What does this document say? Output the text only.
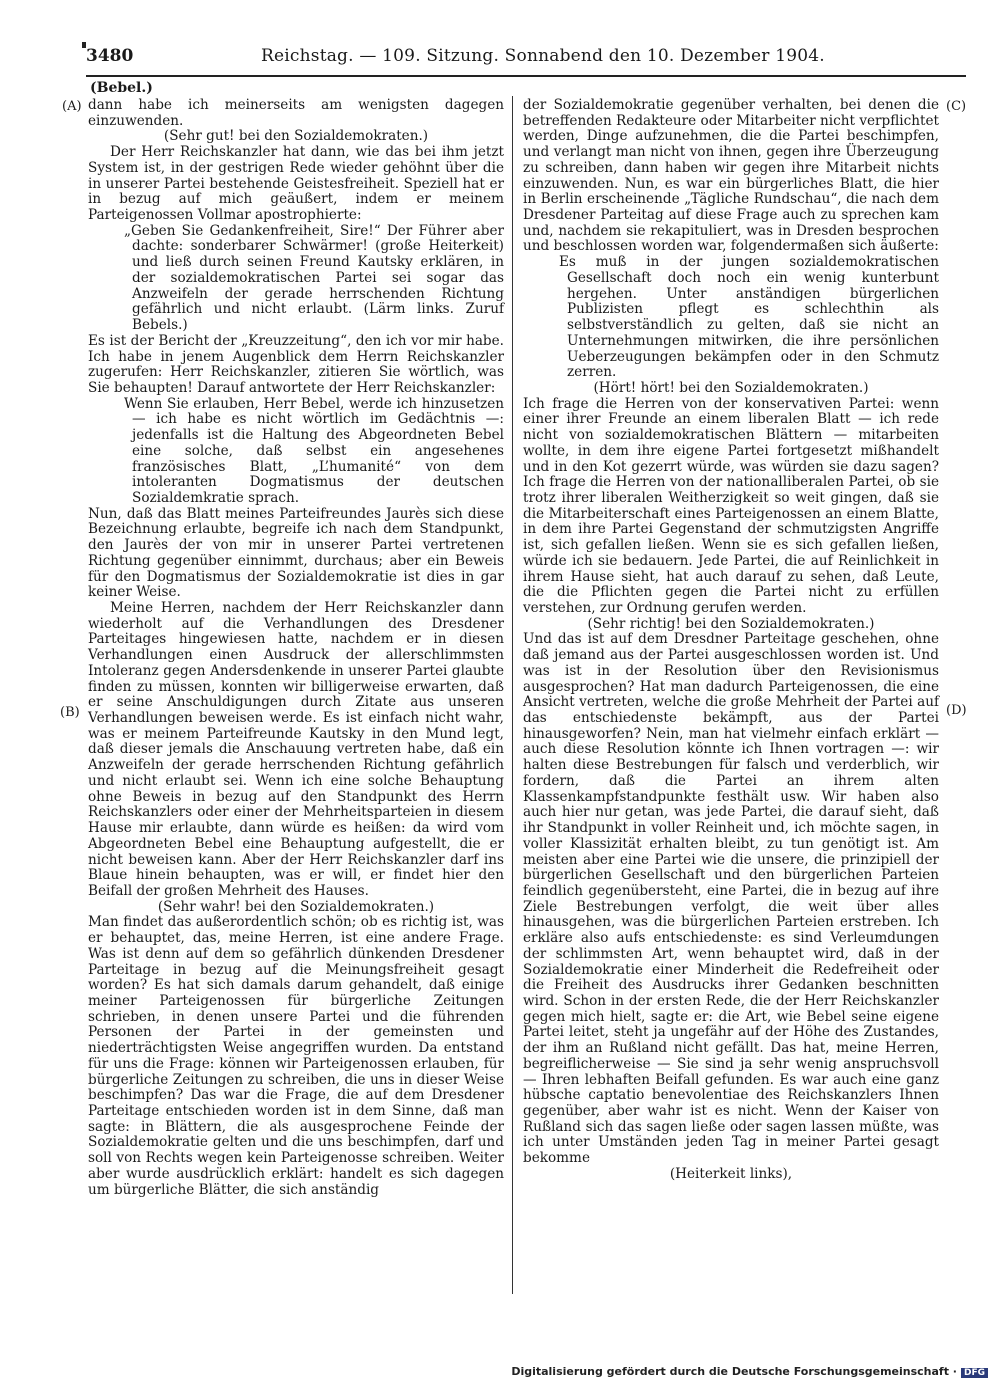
3480	Reichstag. — 109. Sitzung. Sonnabend den 10. Dezember 1904.
(Bebel.)
(A)
(B)
(C)
(D)

dann habe ich meinerseits am wenigsten dagegen einzuwenden.

(Sehr gut! bei den Sozialdemokraten.)

Der Herr Reichskanzler hat dann, wie das bei ihm jetzt System ist, in der gestrigen Rede wieder gehöhnt über die in unserer Partei bestehende Geistesfreiheit. Speziell hat er in bezug auf mich geäußert, indem er meinem Parteigenossen Vollmar apostrophierte:

„Geben Sie Gedankenfreiheit, Sire!“ Der Führer aber dachte: sonderbarer Schwärmer! (große Heiterkeit) und ließ durch seinen Freund Kautsky erklären, in der sozialdemokratischen Partei sei sogar das Anzweifeln der gerade herrschenden Richtung gefährlich und nicht erlaubt. (Lärm links. Zuruf Bebels.)

Es ist der Bericht der „Kreuzzeitung“, den ich vor mir habe. Ich habe in jenem Augenblick dem Herrn Reichskanzler zugerufen: Herr Reichskanzler, zitieren Sie wörtlich, was Sie behaupten! Darauf antwortete der Herr Reichskanzler:

Wenn Sie erlauben, Herr Bebel, werde ich hinzusetzen — ich habe es nicht wörtlich im Gedächtnis —: jedenfalls ist die Haltung des Abgeordneten Bebel eine solche, daß selbst ein angesehenes französisches Blatt, „L’humanité“ von dem intoleranten Dogmatismus der deutschen Sozialdemkratie sprach.

Nun, daß das Blatt meines Parteifreundes Jaurès sich diese Bezeichnung erlaubte, begreife ich nach dem Standpunkt, den Jaurès der von mir in unserer Partei vertretenen Richtung gegenüber einnimmt, durchaus; aber ein Beweis für den Dogmatismus der Sozialdemokratie ist dies in gar keiner Weise.

Meine Herren, nachdem der Herr Reichskanzler dann wiederholt auf die Verhandlungen des Dresdener Parteitages hingewiesen hatte, nachdem er in diesen Verhandlungen einen Ausdruck der allerschlimmsten Intoleranz gegen Andersdenkende in unserer Partei glaubte finden zu müssen, konnten wir billigerweise erwarten, daß er seine Anschuldigungen durch Zitate aus unseren Verhandlungen beweisen werde. Es ist einfach nicht wahr, was er meinem Parteifreunde Kautsky in den Mund legt, daß dieser jemals die Anschauung vertreten habe, daß ein Anzweifeln der gerade herrschenden Richtung gefährlich und nicht erlaubt sei. Wenn ich eine solche Behauptung ohne Beweis in bezug auf den Standpunkt des Herrn Reichskanzlers oder einer der Mehrheitsparteien in diesem Hause mir erlaubte, dann würde es heißen: da wird vom Abgeordneten Bebel eine Behauptung aufgestellt, die er nicht beweisen kann. Aber der Herr Reichskanzler darf ins Blaue hinein behaupten, was er will, er findet hier den Beifall der großen Mehrheit des Hauses.

(Sehr wahr! bei den Sozialdemokraten.)

Man findet das außerordentlich schön; ob es richtig ist, was er behauptet, das, meine Herren, ist eine andere Frage. Was ist denn auf dem so gefährlich dünkenden Dresdener Parteitage in bezug auf die Meinungsfreiheit gesagt worden? Es hat sich damals darum gehandelt, daß einige meiner Parteigenossen für bürgerliche Zeitungen schrieben, in denen unsere Partei und die führenden Personen der Partei in der gemeinsten und niederträchtigsten Weise angegriffen wurden. Da entstand für uns die Frage: können wir Parteigenossen erlauben, für bürgerliche Zeitungen zu schreiben, die uns in dieser Weise beschimpfen? Das war die Frage, die auf dem Dresdener Parteitage entschieden worden ist in dem Sinne, daß man sagte: in Blättern, die als ausgesprochene Feinde der Sozialdemokratie gelten und die uns beschimpfen, darf und soll von Rechts wegen kein Parteigenosse schreiben. Weiter aber wurde ausdrücklich erklärt: handelt es sich dagegen um bürgerliche Blätter, die sich anständig

der Sozialdemokratie gegenüber verhalten, bei denen die betreffenden Redakteure oder Mitarbeiter nicht verpflichtet werden, Dinge aufzunehmen, die die Partei beschimpfen, und verlangt man nicht von ihnen, gegen ihre Überzeugung zu schreiben, dann haben wir gegen ihre Mitarbeit nichts einzuwenden. Nun, es war ein bürgerliches Blatt, die hier in Berlin erscheinende „Tägliche Rundschau“, die nach dem Dresdener Parteitag auf diese Frage auch zu sprechen kam und, nachdem sie rekapituliert, was in Dresden besprochen und beschlossen worden war, folgendermaßen sich äußerte:

Es muß in der jungen sozialdemokratischen Gesellschaft doch noch ein wenig kunterbunt hergehen. Unter anständigen bürgerlichen Publizisten pflegt es schlechthin als selbstverständlich zu gelten, daß sie nicht an Unternehmungen mitwirken, die ihre persönlichen Ueberzeugungen bekämpfen oder in den Schmutz zerren.

(Hört! hört! bei den Sozialdemokraten.)

Ich frage die Herren von der konservativen Partei: wenn einer ihrer Freunde an einem liberalen Blatt — ich rede nicht von sozialdemokratischen Blättern — mitarbeiten wollte, in dem ihre eigene Partei fortgesetzt mißhandelt und in den Kot gezerrt würde, was würden sie dazu sagen? Ich frage die Herren von der nationalliberalen Partei, ob sie trotz ihrer liberalen Weitherzigkeit so weit gingen, daß sie die Mitarbeiterschaft eines Parteigenossen an einem Blatte, in dem ihre Partei Gegenstand der schmutzigsten Angriffe ist, sich gefallen ließen. Wenn sie es sich gefallen ließen, würde ich sie bedauern. Jede Partei, die auf Reinlichkeit in ihrem Hause sieht, hat auch darauf zu sehen, daß Leute, die die Pflichten gegen die Partei nicht zu erfüllen verstehen, zur Ordnung gerufen werden.

(Sehr richtig! bei den Sozialdemokraten.)

Und das ist auf dem Dresdner Parteitage geschehen, ohne daß jemand aus der Partei ausgeschlossen worden ist. Und was ist in der Resolution über den Revisionismus ausgesprochen? Hat man dadurch Parteigenossen, die eine Ansicht vertreten, welche die große Mehrheit der Partei auf das entschiedenste bekämpft, aus der Partei hinausgeworfen? Nein, man hat vielmehr einfach erklärt — auch diese Resolution könnte ich Ihnen vortragen —: wir halten diese Bestrebungen für falsch und verderblich, wir fordern, daß die Partei an ihrem alten Klassenkampfstandpunkte festhält usw. Wir haben also auch hier nur getan, was jede Partei, die darauf sieht, daß ihr Standpunkt in voller Reinheit und, ich möchte sagen, in voller Klassizität erhalten bleibt, zu tun genötigt ist. Am meisten aber eine Partei wie die unsere, die prinzipiell der bürgerlichen Gesellschaft und den bürgerlichen Parteien feindlich gegenübersteht, eine Partei, die in bezug auf ihre Ziele Bestrebungen verfolgt, die weit über alles hinausgehen, was die bürgerlichen Parteien erstreben. Ich erkläre also aufs entschiedenste: es sind Verleumdungen der schlimmsten Art, wenn behauptet wird, daß in der Sozialdemokratie einer Minderheit die Redefreiheit oder die Freiheit des Ausdrucks ihrer Gedanken beschnitten wird. Schon in der ersten Rede, die der Herr Reichskanzler gegen mich hielt, sagte er: die Art, wie Bebel seine eigene Partei leitet, steht ja ungefähr auf der Höhe des Zustandes, der ihm an Rußland nicht gefällt. Das hat, meine Herren, begreiflicherweise — Sie sind ja sehr wenig anspruchsvoll — Ihren lebhaften Beifall gefunden. Es war auch eine ganz hübsche captatio benevolentiae des Reichskanzlers Ihnen gegenüber, aber wahr ist es nicht. Wenn der Kaiser von Rußland sich das sagen ließe oder sagen lassen müßte, was ich unter Umständen jeden Tag in meiner Partei gesagt bekomme

(Heiterkeit links),

Digitalisierung gefördert durch die Deutsche Forschungsgemeinschaft · DFG
